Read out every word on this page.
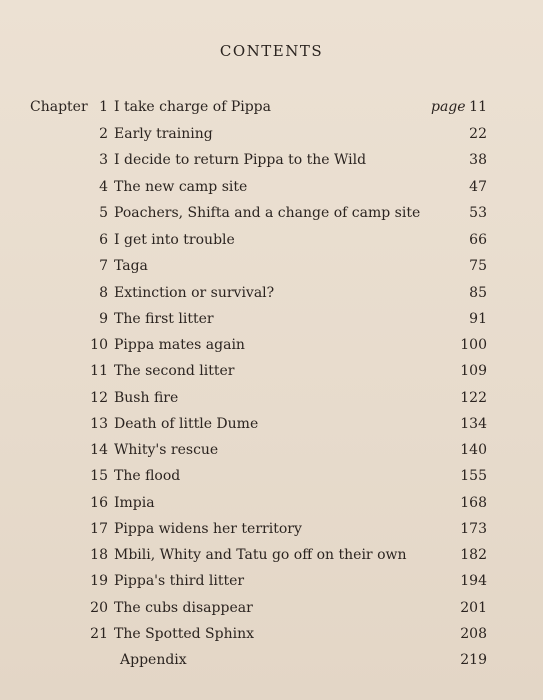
CONTENTS
Chapter 1 I take charge of Pippa	page 11
2 Early training	22
3 I decide to return Pippa to the Wild	38
4 The new camp site	47
5 Poachers, Shifta and a change of camp site	53
6 I get into trouble	66
7 Taga	75
8 Extinction or survival?	85
9 The first litter	91
10 Pippa mates again	100
11 The second litter	109
12 Bush fire	122
13 Death of little Dume	134
14 Whity's rescue	140
15 The flood	155
16 Impia	168
17 Pippa widens her territory	173
18 Mbili, Whity and Tatu go off on their own	182
19 Pippa's third litter	194
20 The cubs disappear	201
21 The Spotted Sphinx	208
Appendix	219
